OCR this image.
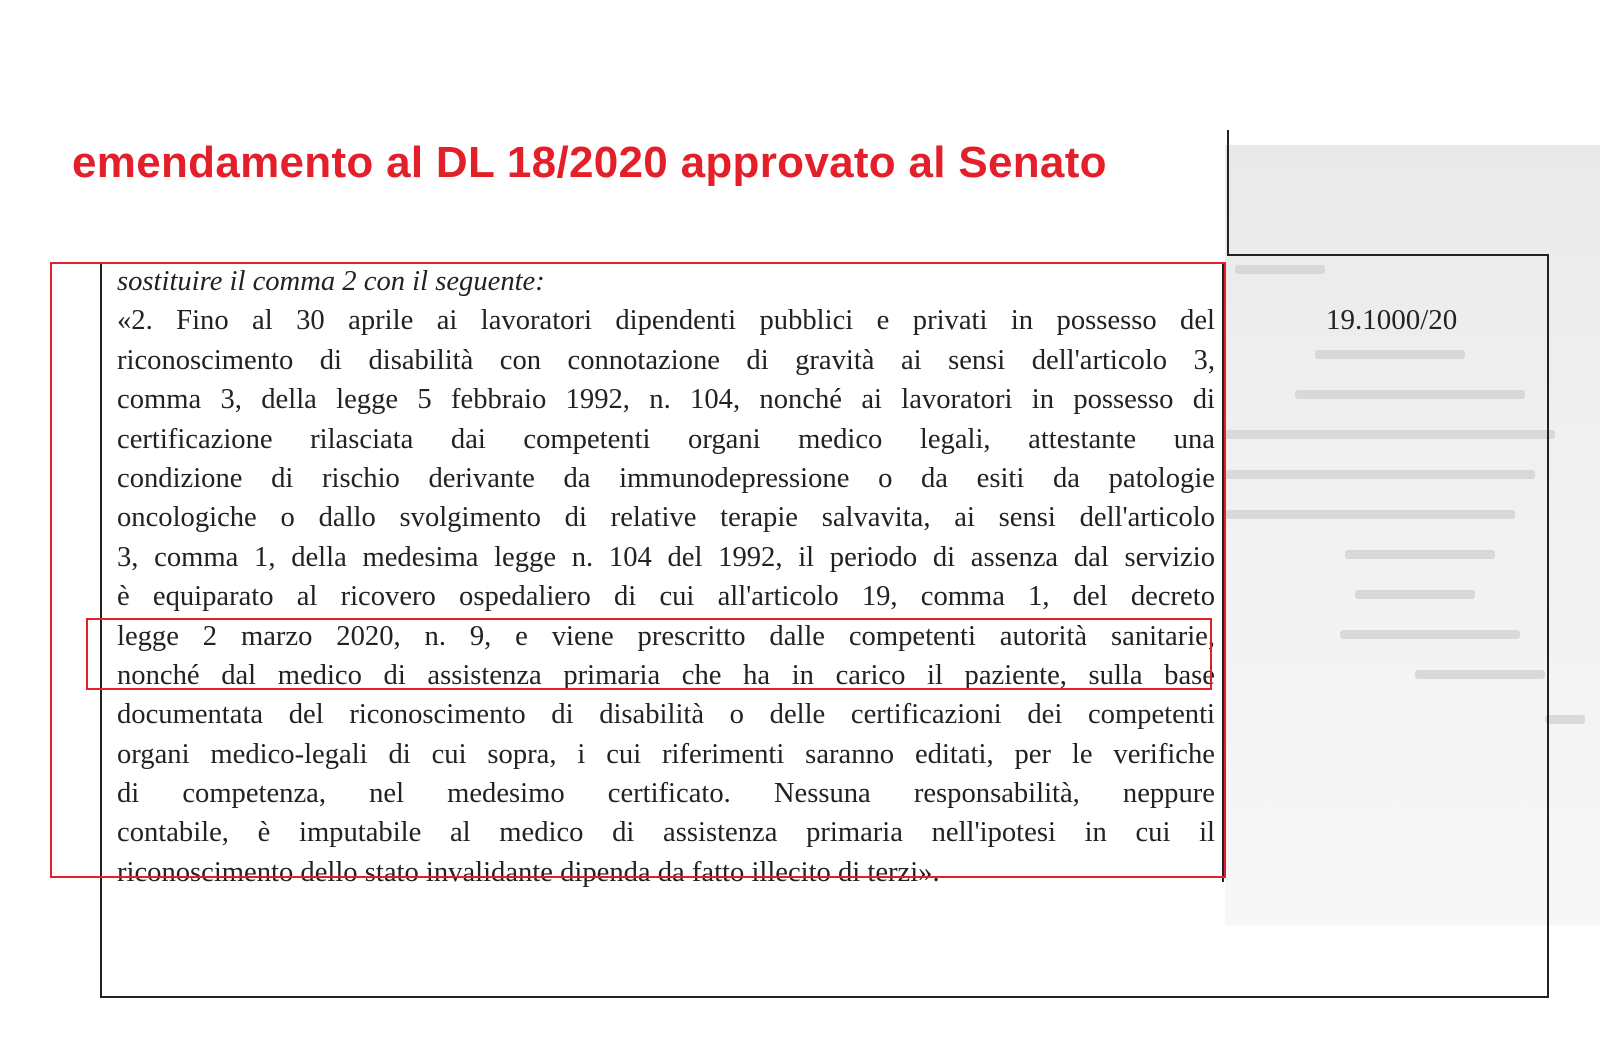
emendamento al DL 18/2020 approvato al Senato
19.1000/20
sostituire il comma 2 con il seguente:
«2. Fino al 30 aprile ai lavoratori dipendenti pubblici e privati in possesso del
riconoscimento di disabilità con connotazione di gravità ai sensi dell'articolo 3,
comma 3, della legge 5 febbraio 1992, n. 104, nonché ai lavoratori in possesso di
certificazione rilasciata dai competenti organi medico legali, attestante una
condizione di rischio derivante da immunodepressione o da esiti da patologie
oncologiche o dallo svolgimento di relative terapie salvavita, ai sensi dell'articolo
3, comma 1, della medesima legge n. 104 del 1992, il periodo di assenza dal servizio
è equiparato al ricovero ospedaliero di cui all'articolo 19, comma 1, del decreto
legge 2 marzo 2020, n. 9, e viene prescritto dalle competenti autorità sanitarie,
nonché dal medico di assistenza primaria che ha in carico il paziente, sulla base
documentata del riconoscimento di disabilità o delle certificazioni dei competenti
organi medico-legali di cui sopra, i cui riferimenti saranno editati, per le verifiche
di competenza, nel medesimo certificato. Nessuna responsabilità, neppure
contabile, è imputabile al medico di assistenza primaria nell'ipotesi in cui il
riconoscimento dello stato invalidante dipenda da fatto illecito di terzi».
